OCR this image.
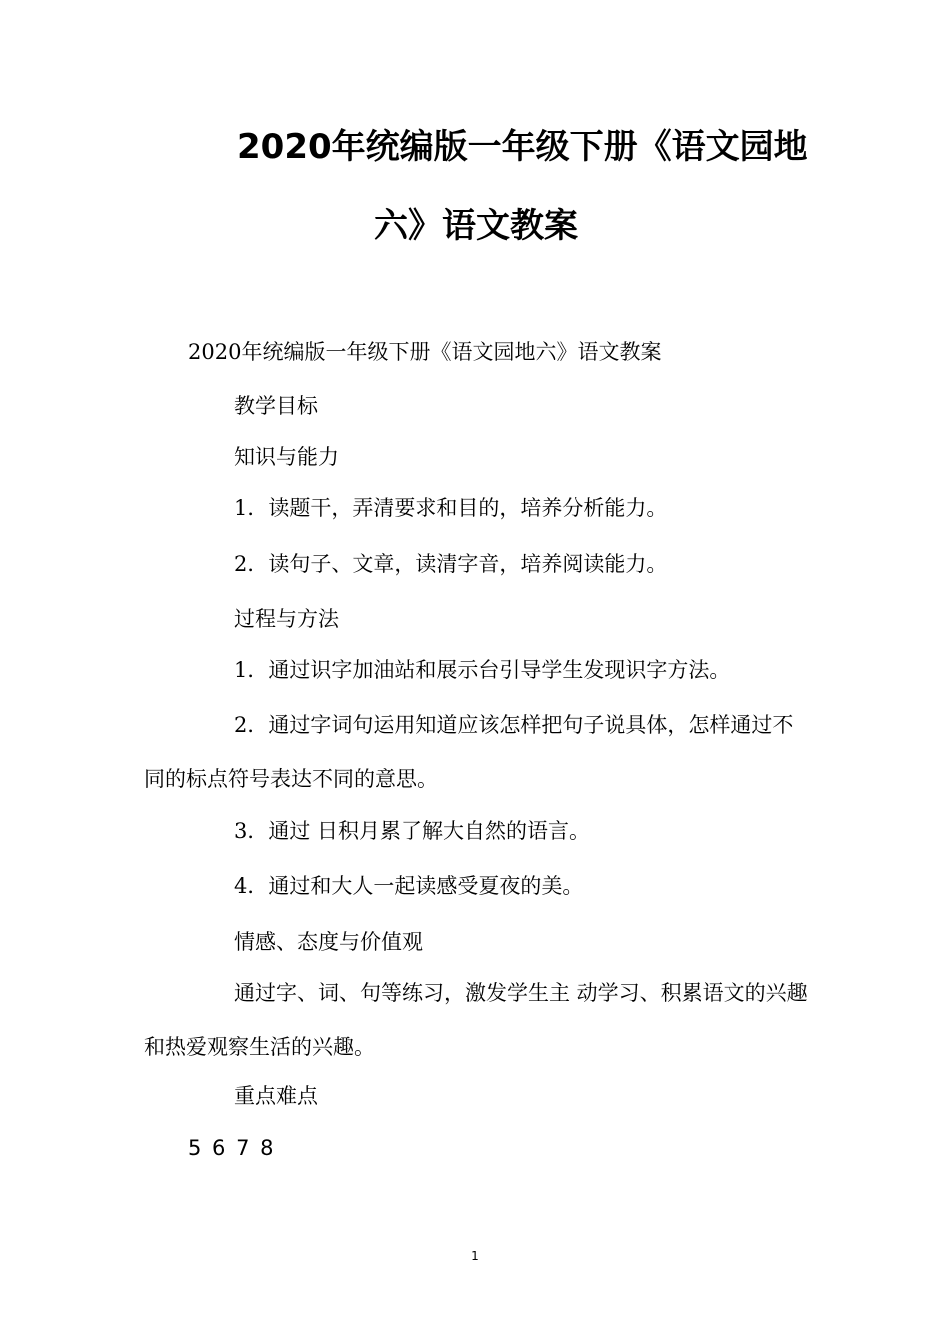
2020年统编版一年级下册《语文园地
六》语文教案

2020年统编版一年级下册《语文园地六》语文教案

教学目标

知识与能力

1．读题干，弄清要求和目的，培养分析能力。

2．读句子、文章，读清字音，培养阅读能力。

过程与方法

1．通过识字加油站和展示台引导学生发现识字方法。

2．通过字词句运用知道应该怎样把句子说具体，怎样通过不同的标点符号表达不同的意思。

3．通过 日积月累了解大自然的语言。

4．通过和大人一起读感受夏夜的美。

情感、态度与价值观

通过字、词、句等练习，激发学生主 动学习、积累语文的兴趣和热爱观察生活的兴趣。

重点难点

5 6 7 8

1
